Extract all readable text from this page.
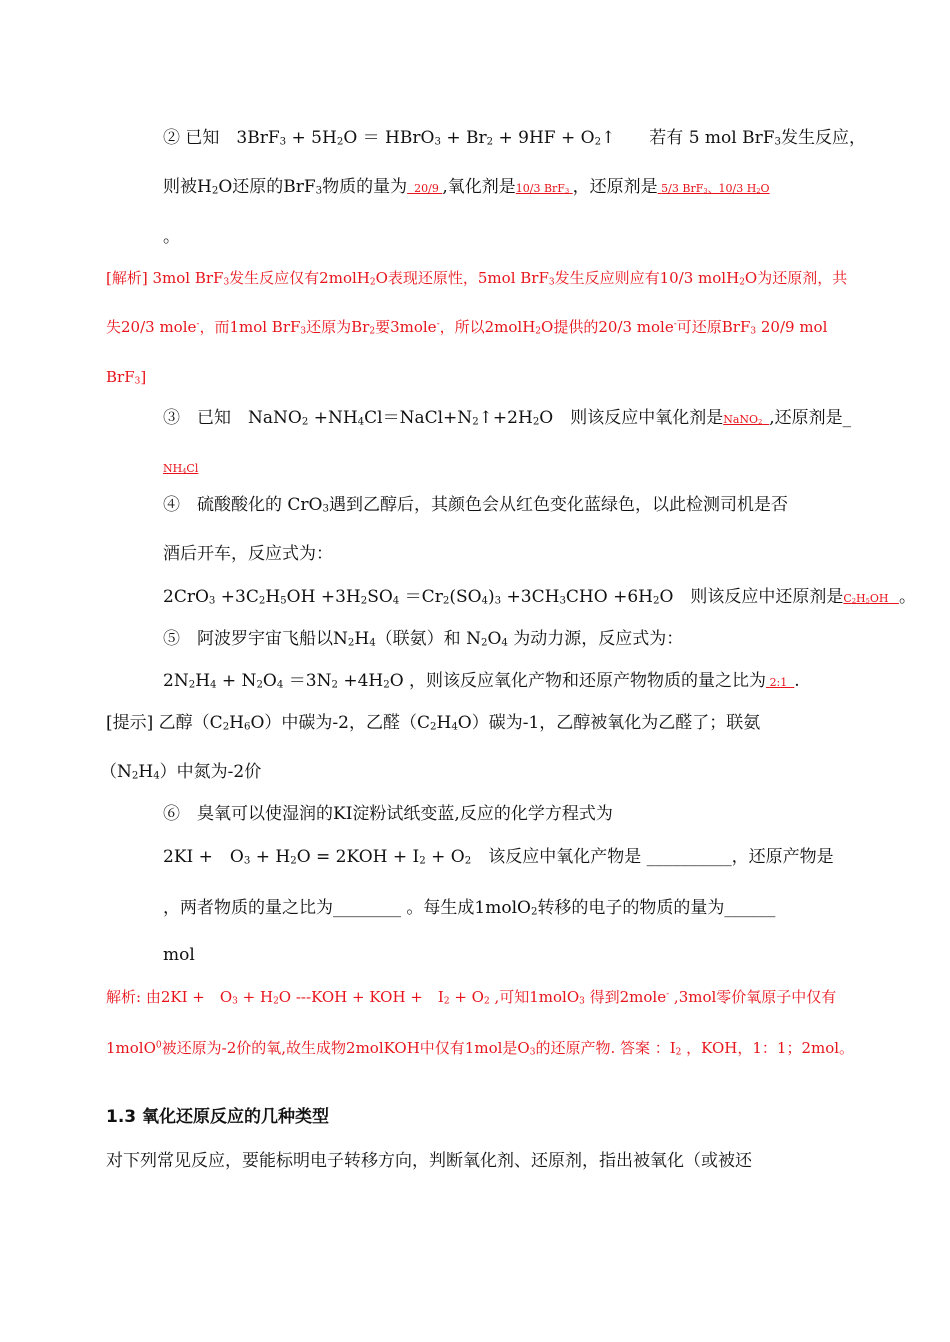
② 已知　$3BrF_3 + 5H_2O$ ＝ HBrO$_3$ + $Br_2 + 9HF$ + $O_2↑$　　若有 5 mol BrF$_3$发生反应，
则被$H_2O$还原的BrF$_3$物质的量为 20/9 ,氧化剂是10/3 BrF$_3$ ，还原剂是 5/3 BrF$_3$、10/3 $H_2O$
。
[解析] 3mol BrF$_3$发生反应仅有2molH$_2$O表现还原性，5mol BrF$_3$发生反应则应有10/3 molH$_2$O为还原剂，共
失20/3 mole-，而1mol BrF$_3$还原为$Br_2$要3mole-，所以2molH$_2$O提供的20/3 mole-可还原BrF$_3$ 20/9 mol
BrF$_3$]
③　已知　NaNO$_2$ $+NH_4Cl=NaCl+N_2↑+2H_2O$　则该反应中氧化剂是NaNO$_2$ ,还原剂是_
$NH_4Cl$
④　硫酸酸化的 CrO$_3$遇到乙醇后，其颜色会从红色变化蓝绿色，以此检测司机是否
酒后开车，反应式为：
$2CrO_3 +3C_2H_5OH +3H_2SO_4 =Cr_2(SO_4)_3 +3CH_3CHO +6H_2O$　则该反应中还原剂是$C_2H_5OH$   。
⑤　阿波罗宇宙飞船以$N_2H_4$（联氨）和 $N_2O_4$ 为动力源，反应式为：
$2N_2H_4 + N_2O_4 =3N_2 +4H_2O$ ，则该反应氧化产物和还原产物物质的量之比为 2:1  .
[提示] 乙醇$(C_2H_6O)$中碳为-2，乙醛$(C_2H_4O)$碳为-1，乙醇被氧化为乙醛了；联氨
$(N_2H_4)$中氮为-2价
⑥　臭氧可以使湿润的KI淀粉试纸变蓝,反应的化学方程式为
2KI +　$O_3 + H_2O = 2KOH + I_2 + O_2$　该反应中氧化产物是 __________，还原产物是
，两者物质的量之比为________ 。每生成1molO$_2$转移的电子的物质的量为______
mol
解析: 由2KI +　$O_3 + H_2O$ ---KOH + KOH +　$I_2 + O_2$ ,可知1molO$_3$ 得到2mole- ,3mol零价氧原子中仅有
1molO$^0$被还原为-2价的氧,故生成物2molKOH中仅有1mol是$O_3$的还原产物. 答案 ：$I_2$ ，KOH，1：1；2mol。
1.3 氧化还原反应的几种类型
对下列常见反应，要能标明电子转移方向，判断氧化剂、还原剂，指出被氧化（或被还
